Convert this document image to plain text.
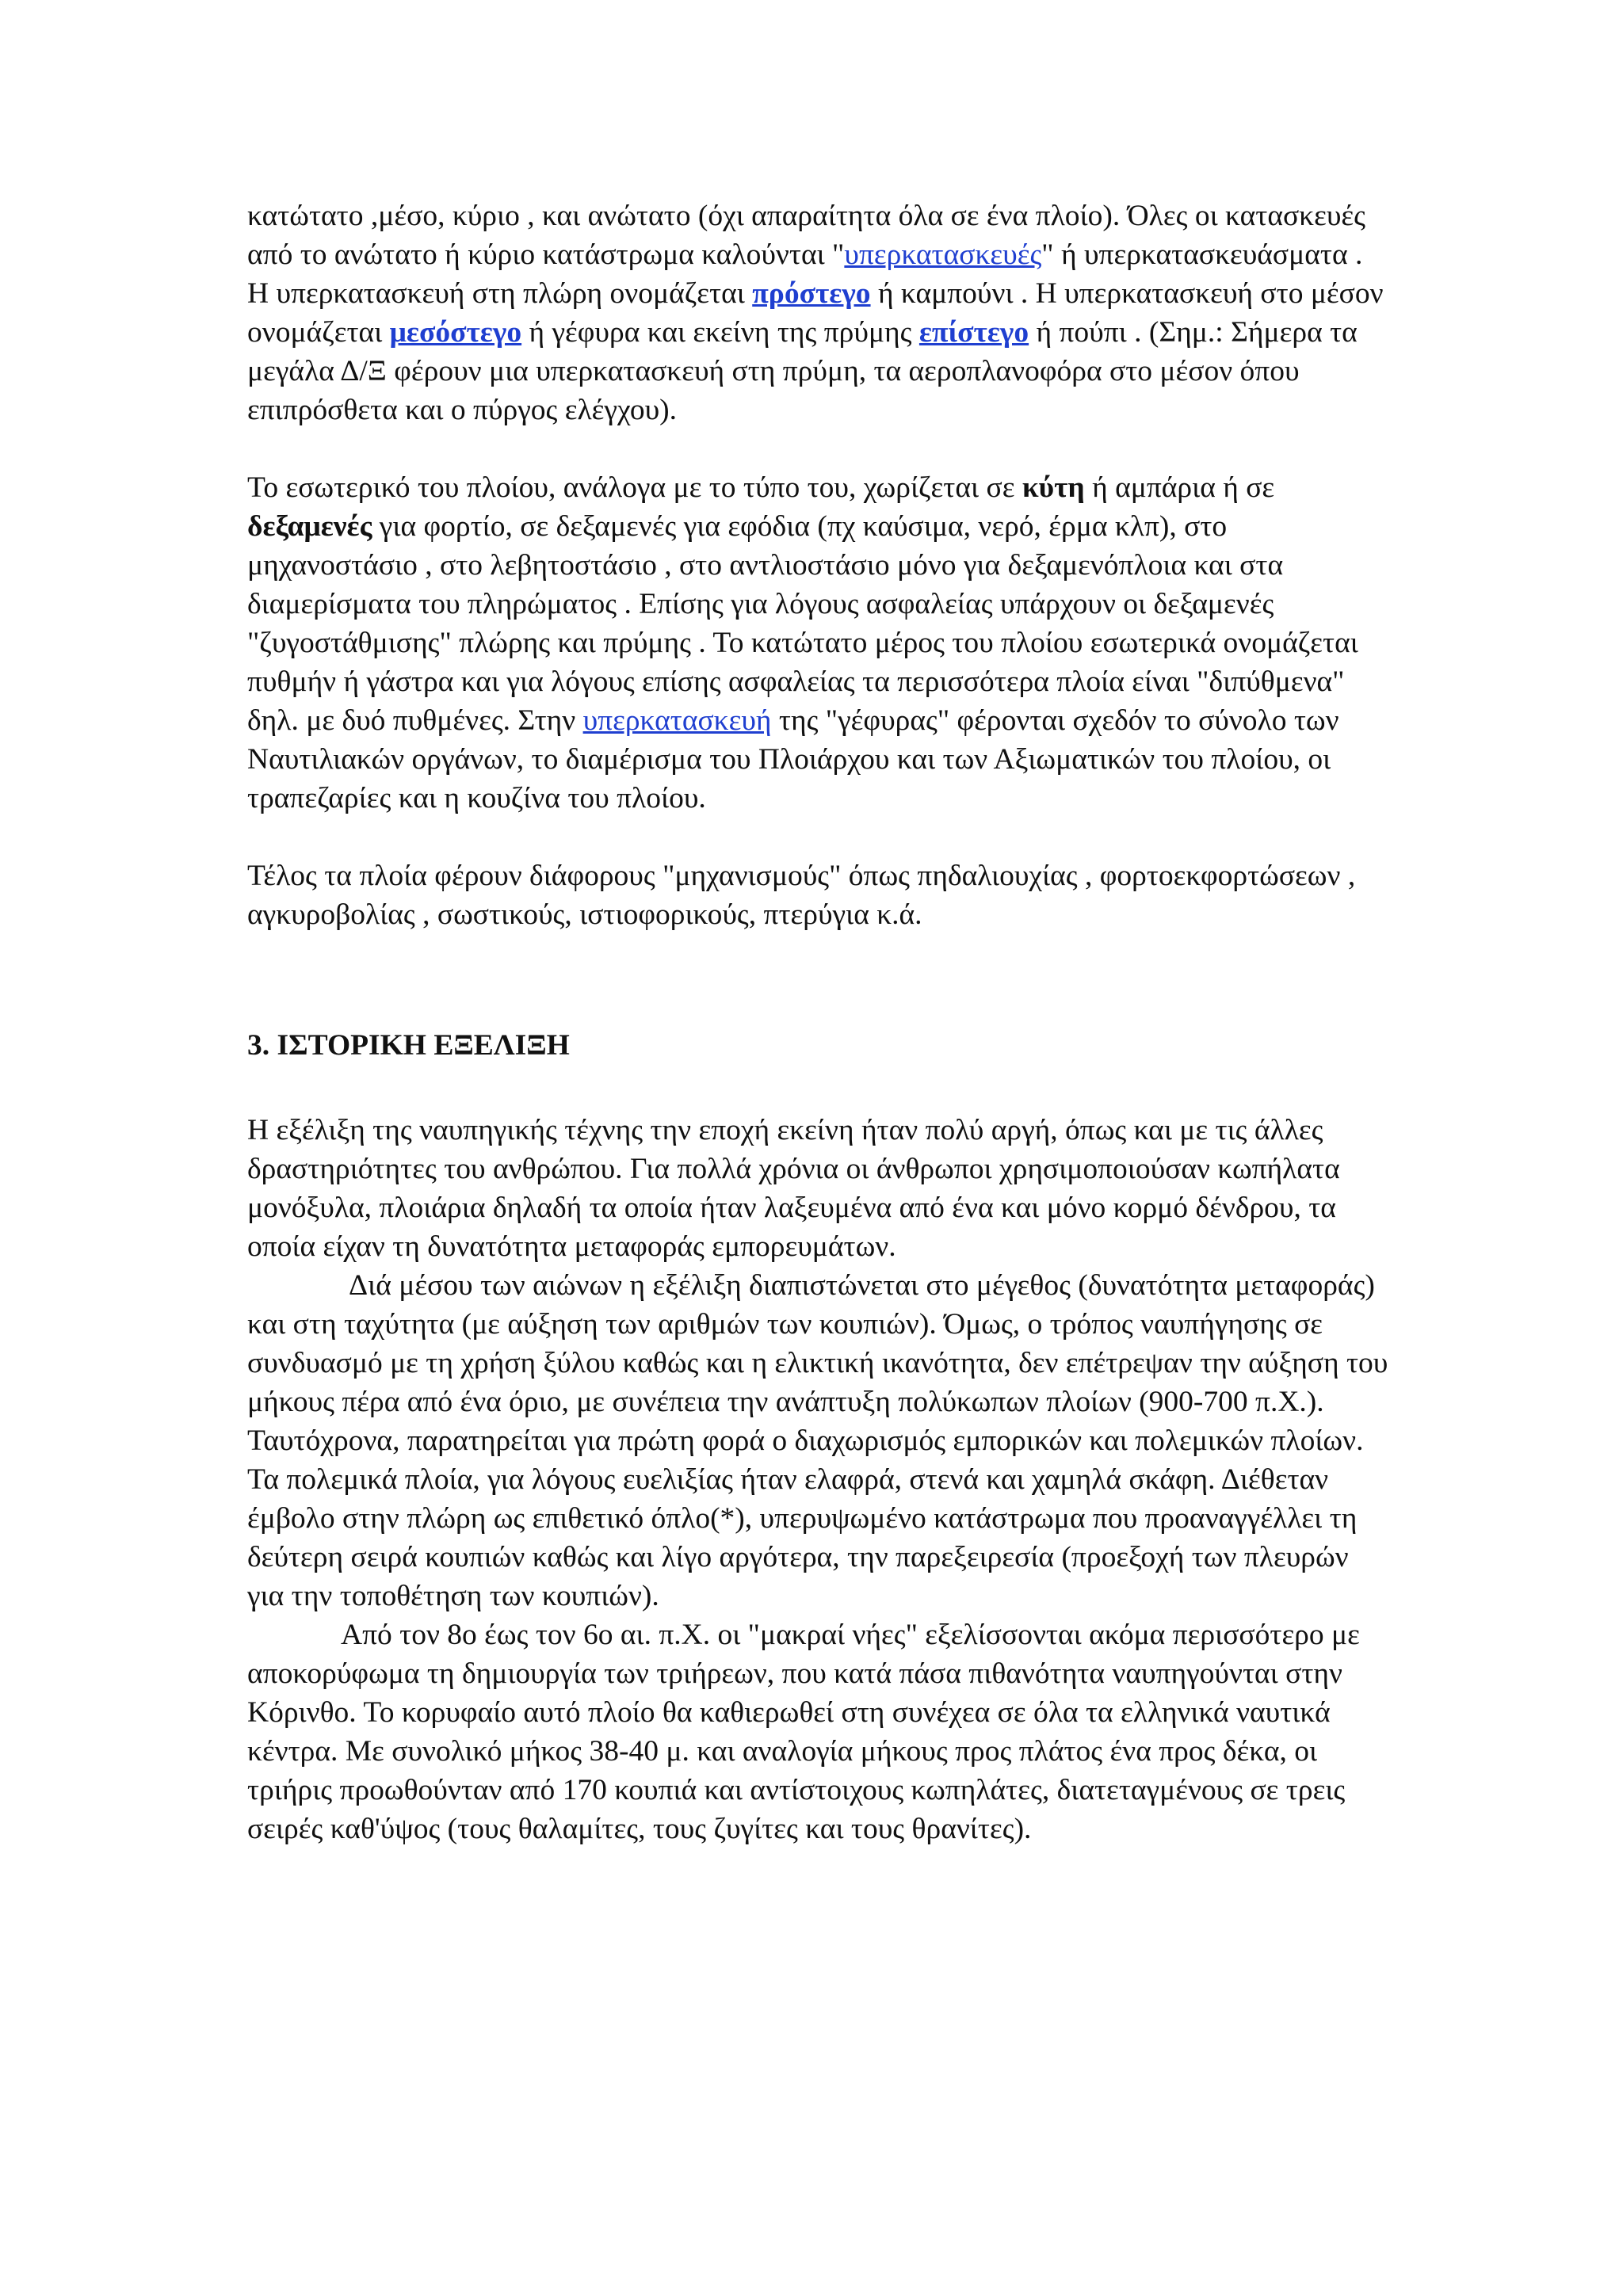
κατώτατο ,μέσο, κύριο , και ανώτατο (όχι απαραίτητα όλα σε ένα πλοίο). Όλες οι κατασκευές από το ανώτατο ή κύριο κατάστρωμα καλούνται "υπερκατασκευές" ή υπερκατασκευάσματα . Η υπερκατασκευή στη πλώρη ονομάζεται πρόστεγο ή καμπούνι . Η υπερκατασκευή στο μέσον ονομάζεται μεσόστεγο ή γέφυρα και εκείνη της πρύμης επίστεγο ή πούπι . (Σημ.: Σήμερα τα μεγάλα Δ/Ξ φέρουν μια υπερκατασκευή στη πρύμη, τα αεροπλανοφόρα στο μέσον όπου επιπρόσθετα και ο πύργος ελέγχου).

Το εσωτερικό του πλοίου, ανάλογα με το τύπο του, χωρίζεται σε κύτη ή αμπάρια ή σε δεξαμενές για φορτίο, σε δεξαμενές για εφόδια (πχ καύσιμα, νερό, έρμα κλπ), στο μηχανοστάσιο , στο λεβητοστάσιο , στο αντλιοστάσιο μόνο για δεξαμενόπλοια και στα διαμερίσματα του πληρώματος . Επίσης για λόγους ασφαλείας υπάρχουν οι δεξαμενές "ζυγοστάθμισης" πλώρης και πρύμης . Το κατώτατο μέρος του πλοίου εσωτερικά ονομάζεται πυθμήν ή γάστρα και για λόγους επίσης ασφαλείας τα περισσότερα πλοία είναι "διπύθμενα" δηλ. με δυό πυθμένες. Στην υπερκατασκευή της "γέφυρας" φέρονται σχεδόν το σύνολο των Ναυτιλιακών οργάνων, το διαμέρισμα του Πλοιάρχου και των Αξιωματικών του πλοίου, οι τραπεζαρίες και η κουζίνα του πλοίου.

Τέλος τα πλοία φέρουν διάφορους "μηχανισμούς" όπως πηδαλιουχίας , φορτοεκφορτώσεων , αγκυροβολίας , σωστικούς, ιστιοφορικούς, πτερύγια κ.ά.

3. ΙΣΤΟΡΙΚΗ ΕΞΕΛΙΞΗ

Η εξέλιξη της ναυπηγικής τέχνης την εποχή εκείνη ήταν πολύ αργή, όπως και με τις άλλες δραστηριότητες του ανθρώπου. Για πολλά χρόνια οι άνθρωποι χρησιμοποιούσαν κωπήλατα μονόξυλα, πλοιάρια δηλαδή τα οποία ήταν λαξευμένα από ένα και μόνο κορμό δένδρου, τα οποία είχαν τη δυνατότητα μεταφοράς εμπορευμάτων.

Διά μέσου των αιώνων η εξέλιξη διαπιστώνεται στο μέγεθος (δυνατότητα μεταφοράς) και στη ταχύτητα (με αύξηση των αριθμών των κουπιών). Όμως, ο τρόπος ναυπήγησης σε συνδυασμό με τη χρήση ξύλου καθώς και η ελικτική ικανότητα, δεν επέτρεψαν την αύξηση του μήκους πέρα από ένα όριο, με συνέπεια την ανάπτυξη πολύκωπων πλοίων (900-700 π.Χ.). Ταυτόχρονα, παρατηρείται για πρώτη φορά ο διαχωρισμός εμπορικών και πολεμικών πλοίων. Τα πολεμικά πλοία, για λόγους ευελιξίας ήταν ελαφρά, στενά και χαμηλά σκάφη. Διέθεταν έμβολο στην πλώρη ως επιθετικό όπλο(*), υπερυψωμένο κατάστρωμα που προαναγγέλλει τη δεύτερη σειρά κουπιών καθώς και λίγο αργότερα, την παρεξειρεσία (προεξοχή των πλευρών για την τοποθέτηση των κουπιών).

Από τον 8ο έως τον 6ο αι. π.Χ. οι "μακραί νήες" εξελίσσονται ακόμα περισσότερο με αποκορύφωμα τη δημιουργία των τριήρεων, που κατά πάσα πιθανότητα ναυπηγούνται στην Κόρινθο. Το κορυφαίο αυτό πλοίο θα καθιερωθεί στη συνέχεα σε όλα τα ελληνικά ναυτικά κέντρα. Με συνολικό μήκος 38-40 μ. και αναλογία μήκους προς πλάτος ένα προς δέκα, οι τριήρις προωθούνταν από 170 κουπιά και αντίστοιχους κωπηλάτες, διατεταγμένους σε τρεις σειρές καθ'ύψος (τους θαλαμίτες, τους ζυγίτες και τους θρανίτες).
